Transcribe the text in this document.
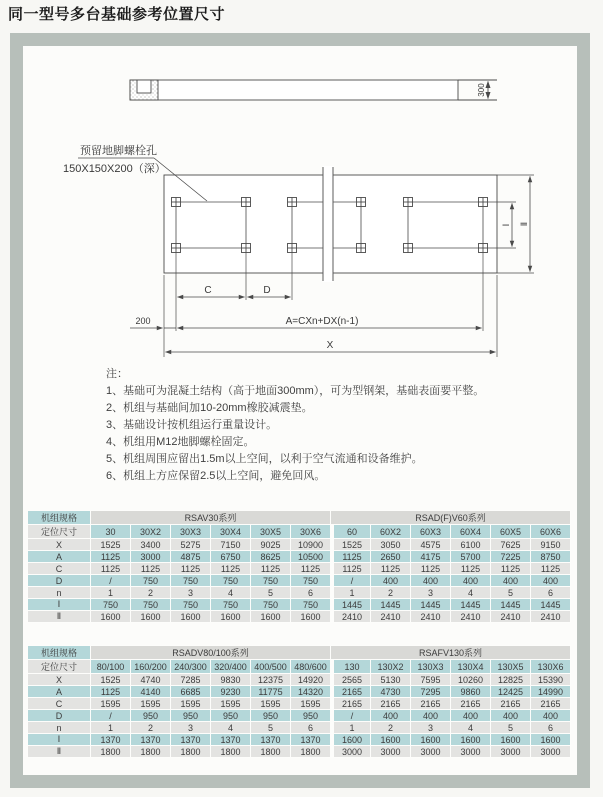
同一型号多台基础参考位置尺寸
300
预留地脚螺栓孔
150X150X200（深）
Ⅰ Ⅱ
C	D
200	A=CXn+DX(n-1)
X
注：
1、基础可为混凝土结构（高于地面300mm），可为型钢架，基础表面要平整。
2、机组与基础间加10-20mm橡胶减震垫。
3、基础设计按机组运行重量设计。
4、机组用M12地脚螺栓固定。
5、机组周围应留出1.5m以上空间，以利于空气流通和设备维护。
6、机组上方应保留2.5以上空间，避免回风。
机组规格	RSAV30系列						RSAD(F)V60系列					
定位尺寸	30	30X2	30X3	30X4	30X5	30X6	60	60X2	60X3	60X4	60X5	60X6
X	1525	3400	5275	7150	9025	10900	1525	3050	4575	6100	7625	9150
A	1125	3000	4875	6750	8625	10500	1125	2650	4175	5700	7225	8750
C	1125	1125	1125	1125	1125	1125	1125	1125	1125	1125	1125	1125
D	/	750	750	750	750	750	/	400	400	400	400	400
n	1	2	3	4	5	6	1	2	3	4	5	6
Ⅰ	750	750	750	750	750	750	1445	1445	1445	1445	1445	1445
Ⅱ	1600	1600	1600	1600	1600	1600	2410	2410	2410	2410	2410	2410
机组规格	RSADV80/100系列						RSAFV130系列					
定位尺寸	80/100	160/200	240/300	320/400	400/500	480/600	130	130X2	130X3	130X4	130X5	130X6
X	1525	4740	7285	9830	12375	14920	2565	5130	7595	10260	12825	15390
A	1125	4140	6685	9230	11775	14320	2165	4730	7295	9860	12425	14990
C	1595	1595	1595	1595	1595	1595	2165	2165	2165	2165	2165	2165
D	/	950	950	950	950	950	/	400	400	400	400	400
n	1	2	3	4	5	6	1	2	3	4	5	6
Ⅰ	1370	1370	1370	1370	1370	1370	1600	1600	1600	1600	1600	1600
Ⅱ	1800	1800	1800	1800	1800	1800	3000	3000	3000	3000	3000	3000
